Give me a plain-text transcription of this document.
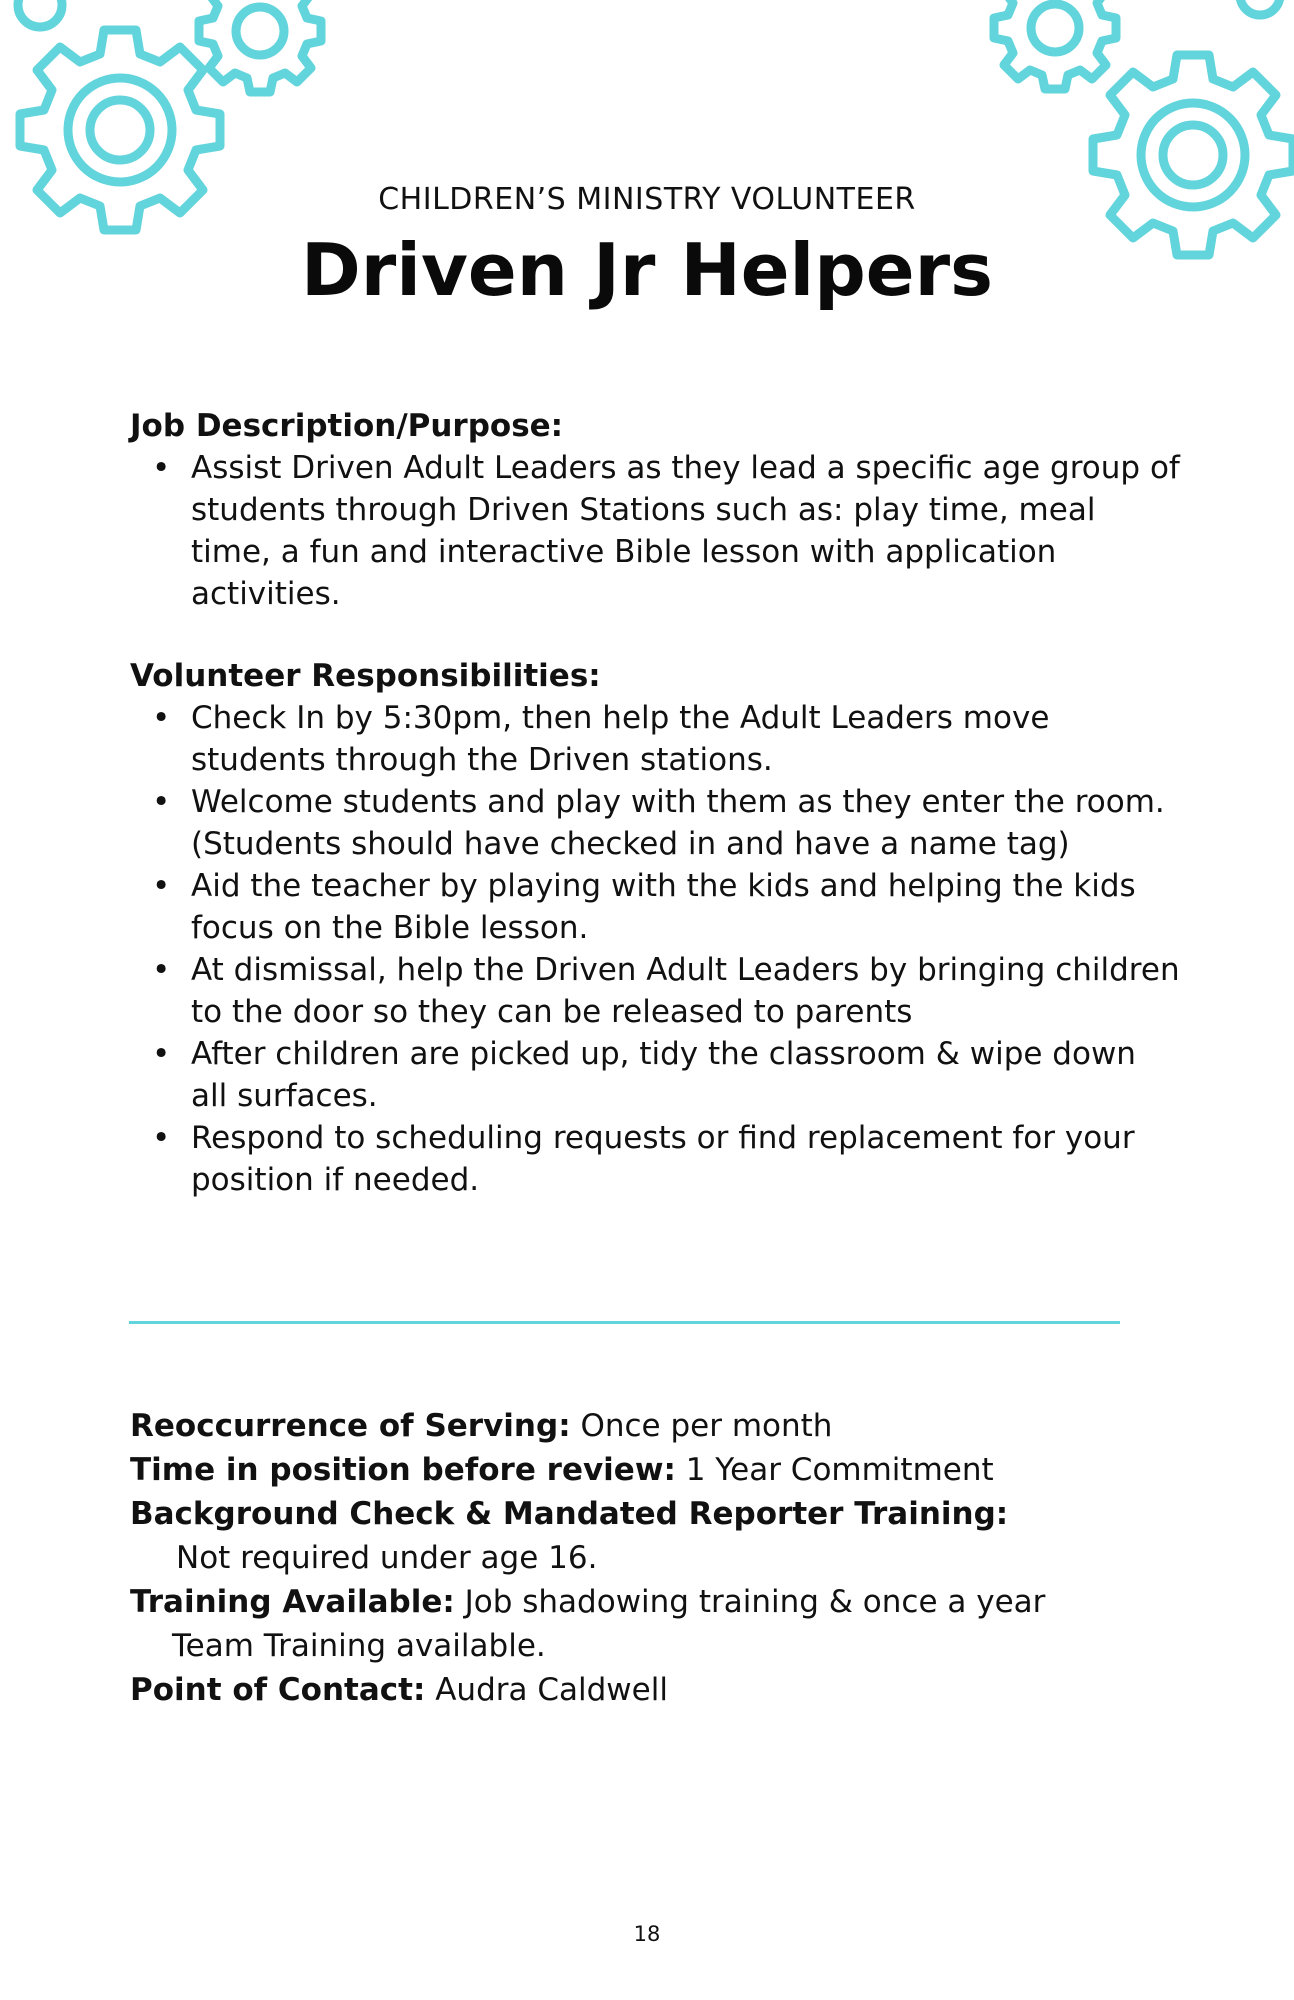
CHILDREN’S MINISTRY VOLUNTEER
Driven Jr Helpers
Job Description/Purpose:
• Assist Driven Adult Leaders as they lead a specific age group of students through Driven Stations such as: play time, meal time, a fun and interactive Bible lesson with application activities.
Volunteer Responsibilities:
• Check In by 5:30pm, then help the Adult Leaders move students through the Driven stations.
• Welcome students and play with them as they enter the room. (Students should have checked in and have a name tag)
• Aid the teacher by playing with the kids and helping the kids focus on the Bible lesson.
• At dismissal, help the Driven Adult Leaders by bringing children to the door so they can be released to parents
• After children are picked up, tidy the classroom & wipe down all surfaces.
• Respond to scheduling requests or find replacement for your position if needed.

Reoccurrence of Serving: Once per month

Time in position before review: 1 Year Commitment

Background Check & Mandated Reporter Training:

Not required under age 16.

Training Available: Job shadowing training & once a year

Team Training available.

Point of Contact: Audra Caldwell

18
